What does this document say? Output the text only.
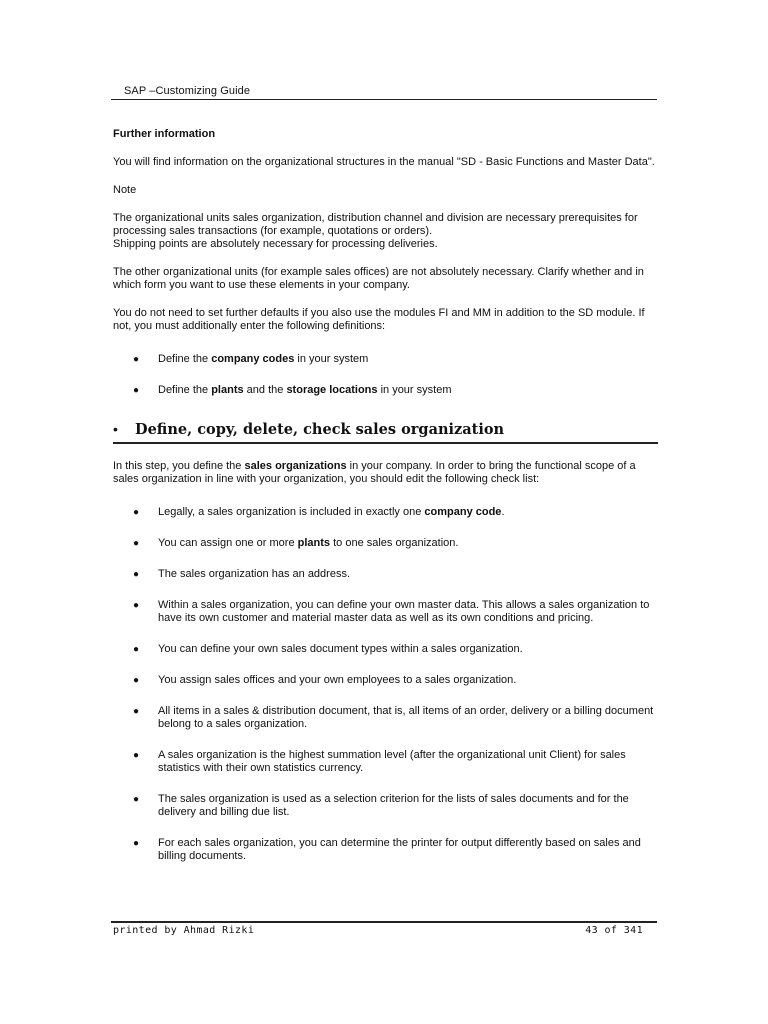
SAP –Customizing Guide
Further information
You will find information on the organizational structures in the manual "SD - Basic Functions and Master Data".
Note
The organizational units sales organization, distribution channel and division are necessary prerequisites for processing sales transactions (for example, quotations or orders).
Shipping points are absolutely necessary for processing deliveries.
The other organizational units (for example sales offices) are not absolutely necessary. Clarify whether and in which form you want to use these elements in your company.
You do not need to set further defaults if you also use the modules FI and MM in addition to the SD module. If not, you must additionally enter the following definitions:
● Define the company codes in your system
● Define the plants and the storage locations in your system
• Define, copy, delete, check sales organization
In this step, you define the sales organizations in your company. In order to bring the functional scope of a sales organization in line with your organization, you should edit the following check list:
● Legally, a sales organization is included in exactly one company code.
● You can assign one or more plants to one sales organization.
● The sales organization has an address.
● Within a sales organization, you can define your own master data. This allows a sales organization to have its own customer and material master data as well as its own conditions and pricing.
● You can define your own sales document types within a sales organization.
● You assign sales offices and your own employees to a sales organization.
● All items in a sales & distribution document, that is, all items of an order, delivery or a billing document belong to a sales organization.
● A sales organization is the highest summation level (after the organizational unit Client) for sales statistics with their own statistics currency.
● The sales organization is used as a selection criterion for the lists of sales documents and for the delivery and billing due list.
● For each sales organization, you can determine the printer for output differently based on sales and billing documents.
printed by Ahmad Rizki	43 of 341
